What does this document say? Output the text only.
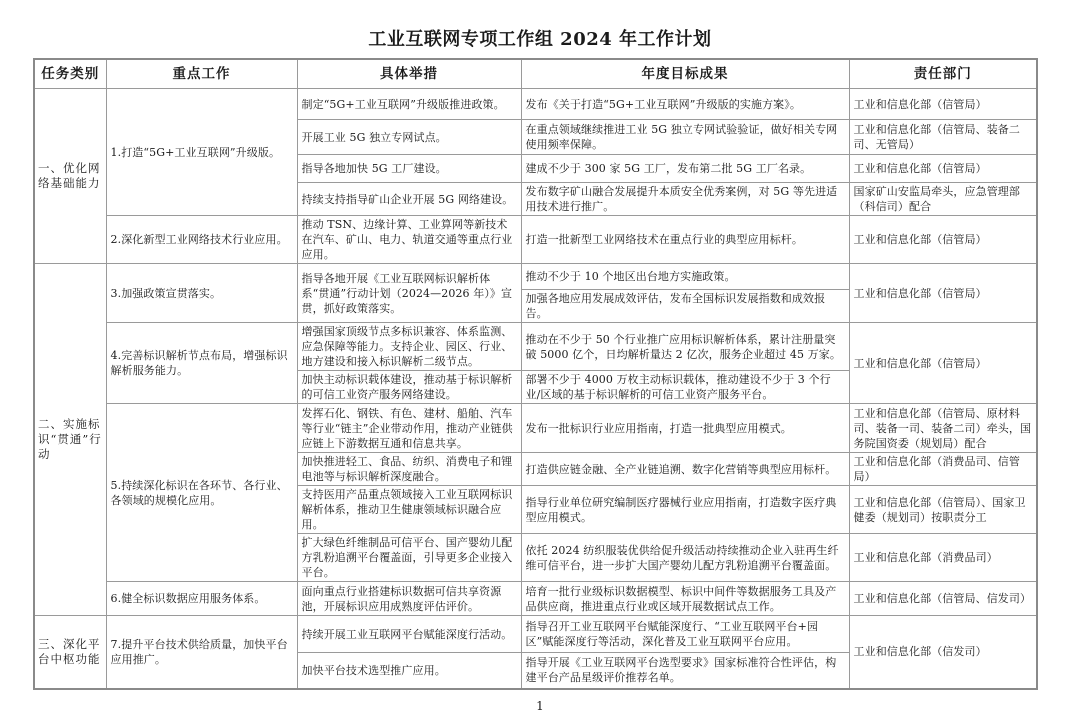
工业互联网专项工作组 2024 年工作计划
任务类别	重点工作	具体举措	年度目标成果	责任部门
一、优化网络基础能力	1.打造“5G+工业互联网”升级版。	制定“5G+工业互联网”升级版推进政策。	发布《关于打造“5G+工业互联网”升级版的实施方案》。	工业和信息化部（信管局）
		开展工业 5G 独立专网试点。	在重点领域继续推进工业 5G 独立专网试验验证，做好相关专网使用频率保障。	工业和信息化部（信管局、装备二司、无管局）
		指导各地加快 5G 工厂建设。	建成不少于 300 家 5G 工厂，发布第二批 5G 工厂名录。	工业和信息化部（信管局）
		持续支持指导矿山企业开展 5G 网络建设。	发布数字矿山融合发展提升本质安全优秀案例，对 5G 等先进适用技术进行推广。	国家矿山安监局牵头，应急管理部（科信司）配合
	2.深化新型工业网络技术行业应用。	推动 TSN、边缘计算、工业算网等新技术在汽车、矿山、电力、轨道交通等重点行业应用。	打造一批新型工业网络技术在重点行业的典型应用标杆。	工业和信息化部（信管局）
二、实施标识“贯通”行动	3.加强政策宣贯落实。	指导各地开展《工业互联网标识解析体系“贯通”行动计划（2024—2026 年）》宣贯，抓好政策落实。	推动不少于 10 个地区出台地方实施政策。	工业和信息化部（信管局）
			加强各地应用发展成效评估，发布全国标识发展指数和成效报告。	
	4.完善标识解析节点布局，增强标识解析服务能力。	增强国家顶级节点多标识兼容、体系监测、应急保障等能力。支持企业、园区、行业、地方建设和接入标识解析二级节点。	推动在不少于 50 个行业推广应用标识解析体系，累计注册量突破 5000 亿个，日均解析量达 2 亿次，服务企业超过 45 万家。	工业和信息化部（信管局）
		加快主动标识载体建设，推动基于标识解析的可信工业资产服务网络建设。	部署不少于 4000 万枚主动标识载体，推动建设不少于 3 个行业/区域的基于标识解析的可信工业资产服务平台。	
	5.持续深化标识在各环节、各行业、各领域的规模化应用。	发挥石化、钢铁、有色、建材、船舶、汽车等行业“链主”企业带动作用，推动产业链供应链上下游数据互通和信息共享。	发布一批标识行业应用指南，打造一批典型应用模式。	工业和信息化部（信管局、原材料司、装备一司、装备二司）牵头，国务院国资委（规划局）配合
		加快推进轻工、食品、纺织、消费电子和锂电池等与标识解析深度融合。	打造供应链金融、全产业链追溯、数字化营销等典型应用标杆。	工业和信息化部（消费品司、信管局）
		支持医用产品重点领域接入工业互联网标识解析体系，推动卫生健康领域标识融合应用。	指导行业单位研究编制医疗器械行业应用指南，打造数字医疗典型应用模式。	工业和信息化部（信管局）、国家卫健委（规划司）按职责分工
		扩大绿色纤维制品可信平台、国产婴幼儿配方乳粉追溯平台覆盖面，引导更多企业接入平台。	依托 2024 纺织服装优供给促升级活动持续推动企业入驻再生纤维可信平台，进一步扩大国产婴幼儿配方乳粉追溯平台覆盖面。	工业和信息化部（消费品司）
	6.健全标识数据应用服务体系。	面向重点行业搭建标识数据可信共享资源池，开展标识应用成熟度评估评价。	培育一批行业级标识数据模型、标识中间件等数据服务工具及产品供应商，推进重点行业或区域开展数据试点工作。	工业和信息化部（信管局、信发司）
三、深化平台中枢功能	7.提升平台技术供给质量，加快平台应用推广。	持续开展工业互联网平台赋能深度行活动。	指导召开工业互联网平台赋能深度行、“工业互联网平台+园区”赋能深度行等活动，深化普及工业互联网平台应用。	工业和信息化部（信发司）
		加快平台技术选型推广应用。	指导开展《工业互联网平台选型要求》国家标准符合性评估，构建平台产品星级评价推荐名单。	
1
